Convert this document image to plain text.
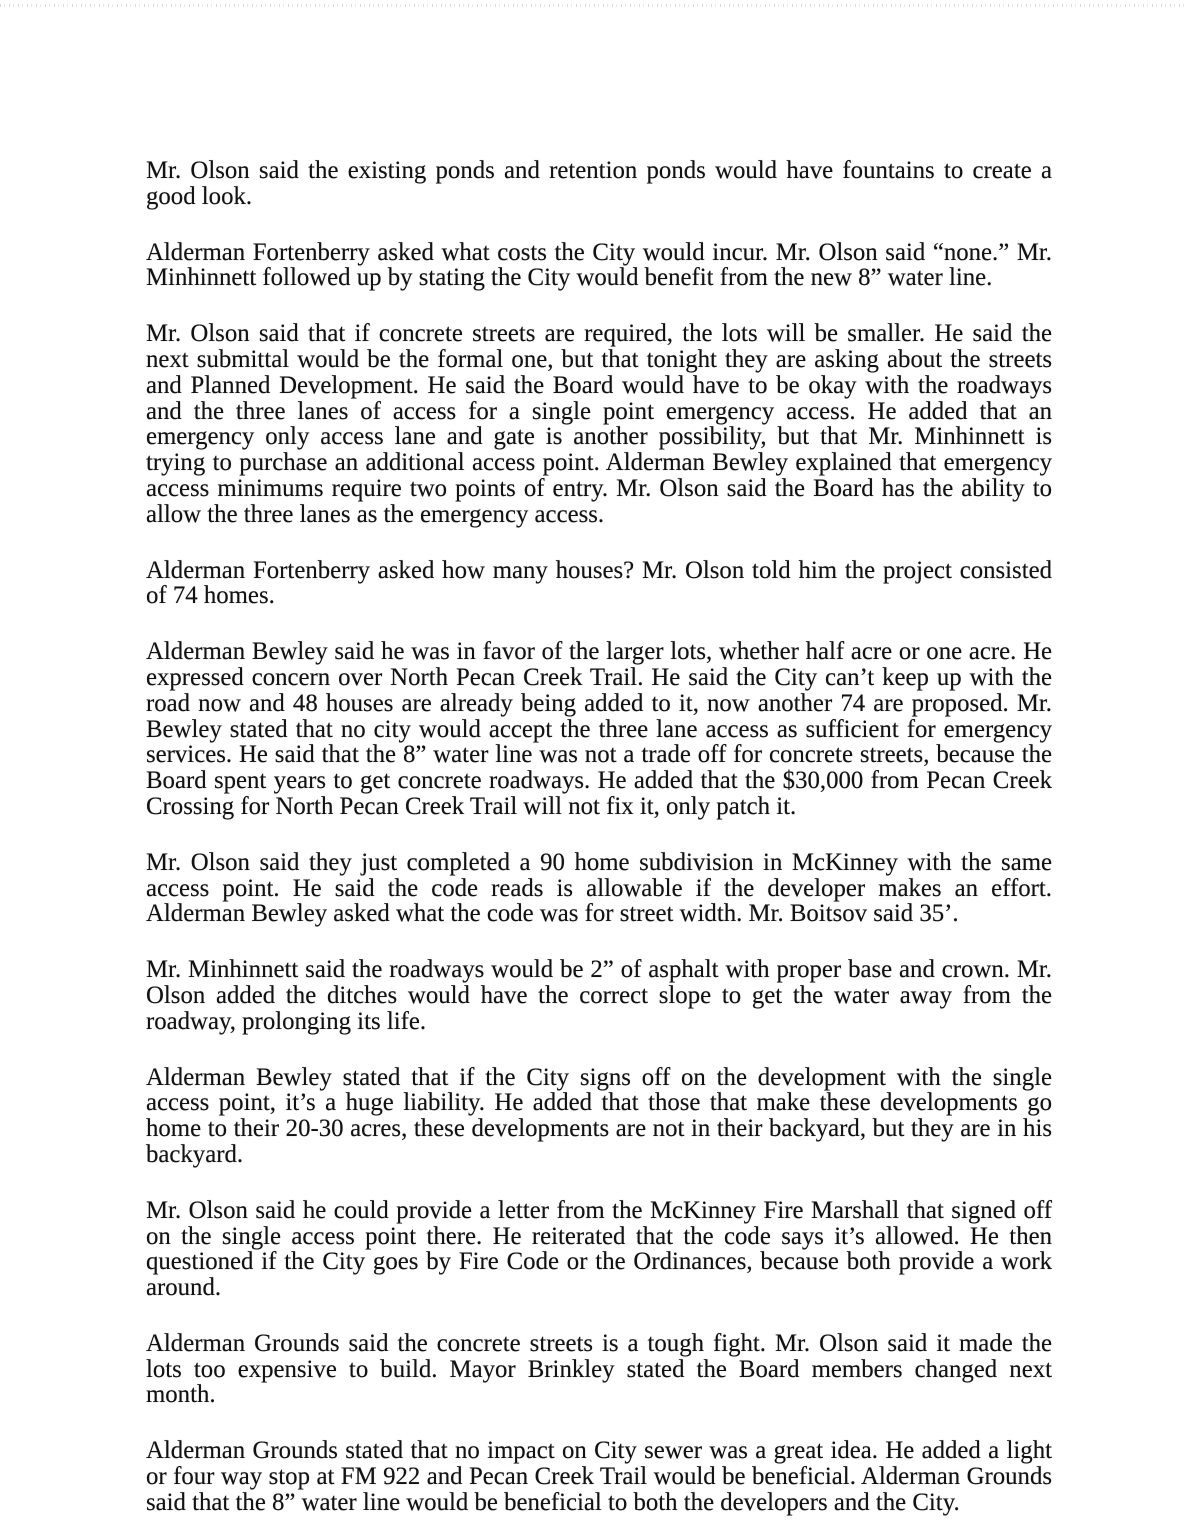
Mr. Olson said the existing ponds and retention ponds would have fountains to create a good look.

Alderman Fortenberry asked what costs the City would incur. Mr. Olson said “none.” Mr. Minhinnett followed up by stating the City would benefit from the new 8” water line.

Mr. Olson said that if concrete streets are required, the lots will be smaller. He said the next submittal would be the formal one, but that tonight they are asking about the streets and Planned Development. He said the Board would have to be okay with the roadways and the three lanes of access for a single point emergency access. He added that an emergency only access lane and gate is another possibility, but that Mr. Minhinnett is trying to purchase an additional access point. Alderman Bewley explained that emergency access minimums require two points of entry. Mr. Olson said the Board has the ability to allow the three lanes as the emergency access.

Alderman Fortenberry asked how many houses? Mr. Olson told him the project consisted of 74 homes.

Alderman Bewley said he was in favor of the larger lots, whether half acre or one acre. He expressed concern over North Pecan Creek Trail. He said the City can’t keep up with the road now and 48 houses are already being added to it, now another 74 are proposed. Mr. Bewley stated that no city would accept the three lane access as sufficient for emergency services. He said that the 8” water line was not a trade off for concrete streets, because the Board spent years to get concrete roadways. He added that the $30,000 from Pecan Creek Crossing for North Pecan Creek Trail will not fix it, only patch it.

Mr. Olson said they just completed a 90 home subdivision in McKinney with the same access point. He said the code reads is allowable if the developer makes an effort. Alderman Bewley asked what the code was for street width. Mr. Boitsov said 35’.

Mr. Minhinnett said the roadways would be 2” of asphalt with proper base and crown. Mr. Olson added the ditches would have the correct slope to get the water away from the roadway, prolonging its life.

Alderman Bewley stated that if the City signs off on the development with the single access point, it’s a huge liability. He added that those that make these developments go home to their 20-30 acres, these developments are not in their backyard, but they are in his backyard.

Mr. Olson said he could provide a letter from the McKinney Fire Marshall that signed off on the single access point there. He reiterated that the code says it’s allowed. He then questioned if the City goes by Fire Code or the Ordinances, because both provide a work around.

Alderman Grounds said the concrete streets is a tough fight. Mr. Olson said it made the lots too expensive to build. Mayor Brinkley stated the Board members changed next month.

Alderman Grounds stated that no impact on City sewer was a great idea. He added a light or four way stop at FM 922 and Pecan Creek Trail would be beneficial. Alderman Grounds said that the 8” water line would be beneficial to both the developers and the City.
